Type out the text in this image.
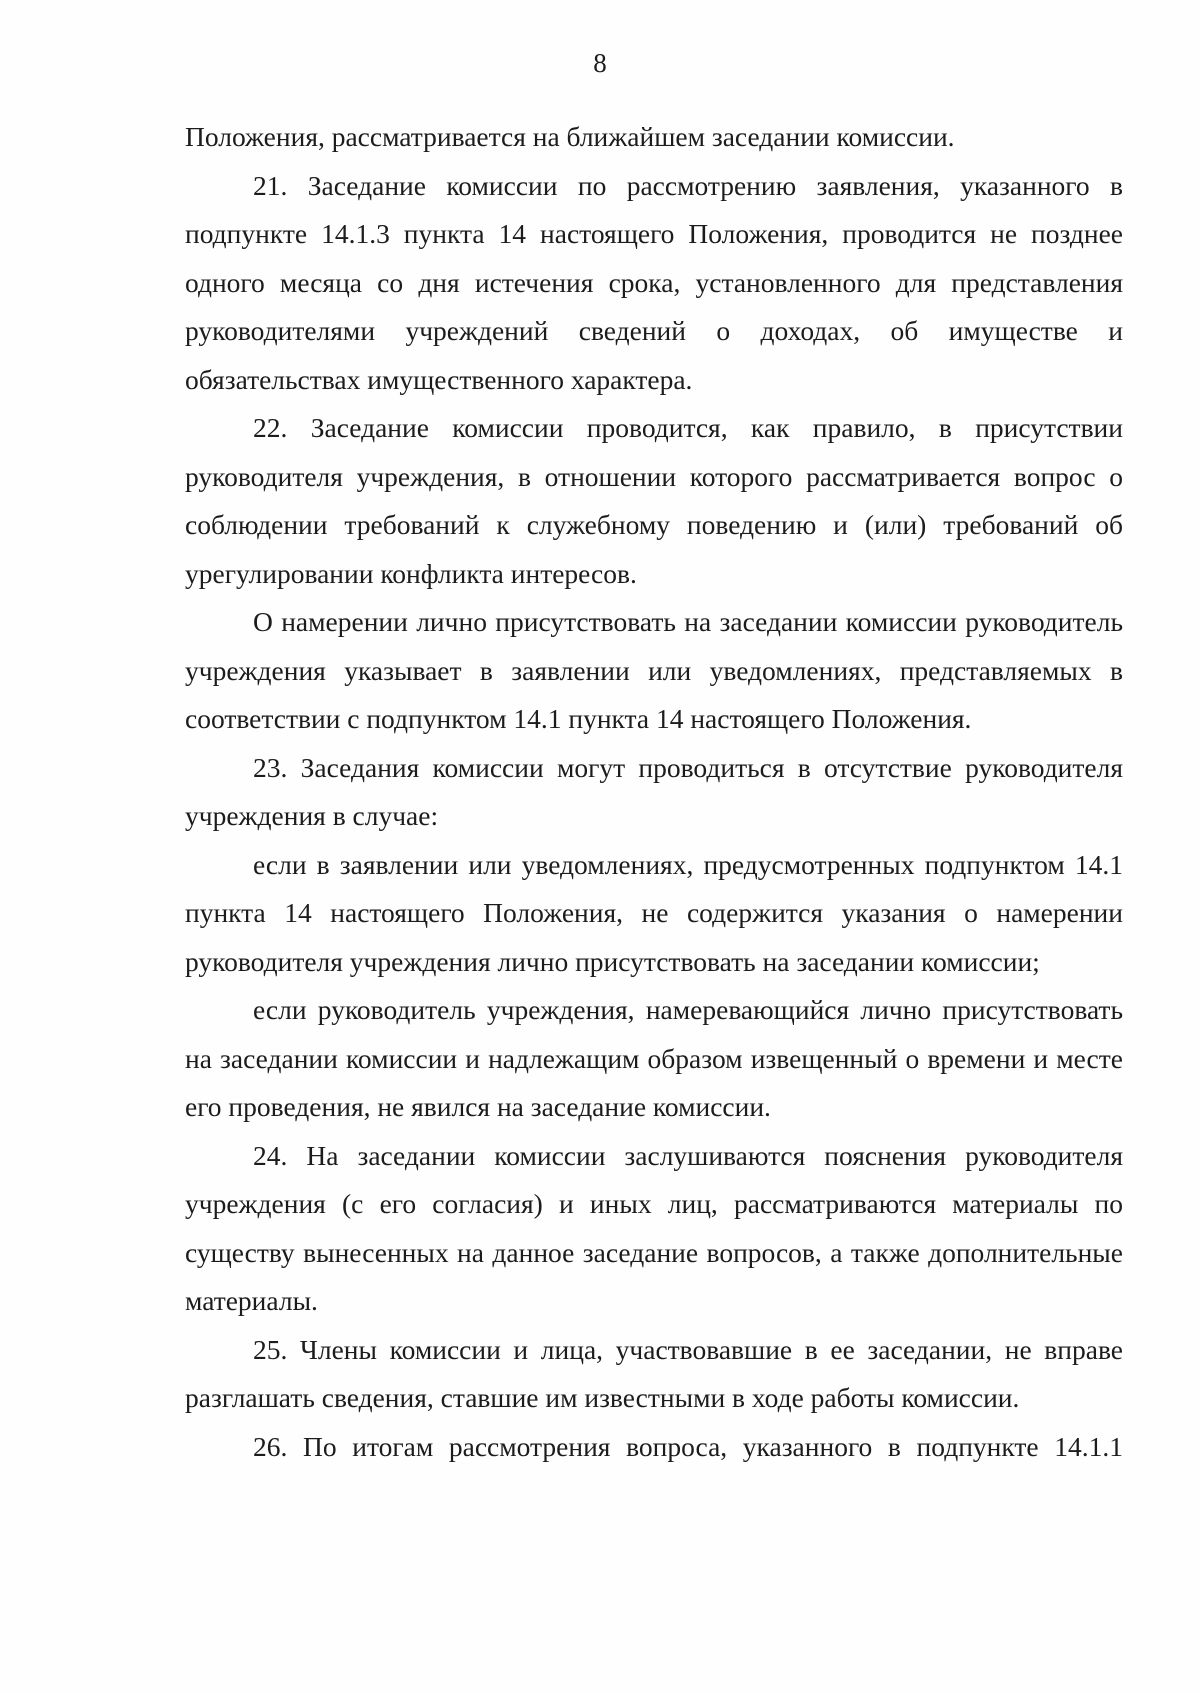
8

Положения, рассматривается на ближайшем заседании комиссии.

21. Заседание комиссии по рассмотрению заявления, указанного в подпункте 14.1.3 пункта 14 настоящего Положения, проводится не позднее одного месяца со дня истечения срока, установленного для представления руководителями учреждений сведений о доходах, об имуществе и обязательствах имущественного характера.

22. Заседание комиссии проводится, как правило, в присутствии руководителя учреждения, в отношении которого рассматривается вопрос о соблюдении требований к служебному поведению и (или) требований об урегулировании конфликта интересов.

О намерении лично присутствовать на заседании комиссии руководитель учреждения указывает в заявлении или уведомлениях, представляемых в соответствии с подпунктом 14.1 пункта 14 настоящего Положения.

23. Заседания комиссии могут проводиться в отсутствие руководителя учреждения в случае:

если в заявлении или уведомлениях, предусмотренных подпунктом 14.1 пункта 14 настоящего Положения, не содержится указания о намерении руководителя учреждения лично присутствовать на заседании комиссии;

если руководитель учреждения, намеревающийся лично присутствовать на заседании комиссии и надлежащим образом извещенный о времени и месте его проведения, не явился на заседание комиссии.

24. На заседании комиссии заслушиваются пояснения руководителя учреждения (с его согласия) и иных лиц, рассматриваются материалы по существу вынесенных на данное заседание вопросов, а также дополнительные материалы.

25. Члены комиссии и лица, участвовавшие в ее заседании, не вправе разглашать сведения, ставшие им известными в ходе работы комиссии.

26. По итогам рассмотрения вопроса, указанного в подпункте 14.1.1
